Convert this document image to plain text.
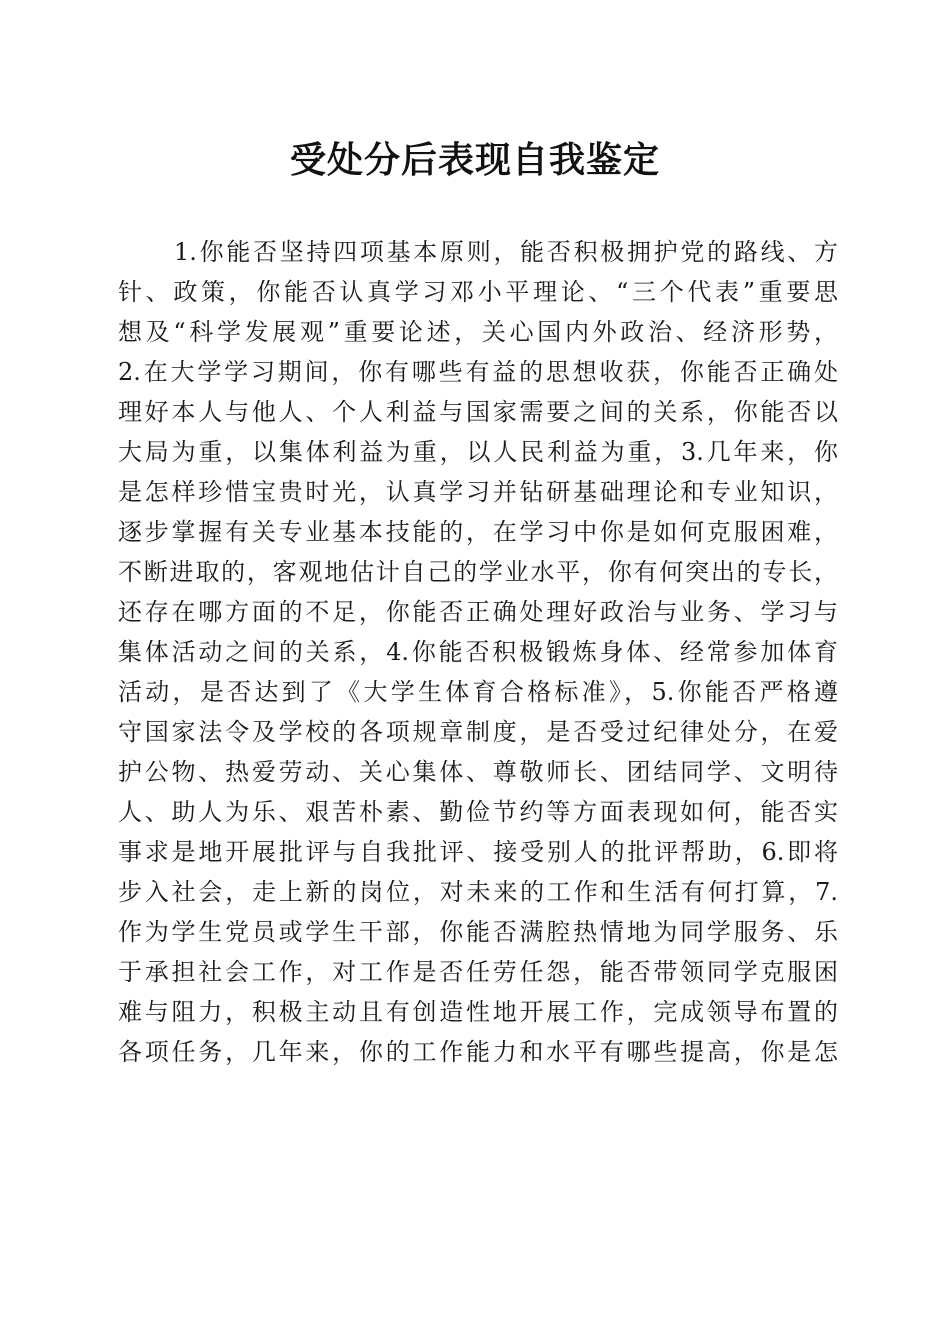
受处分后表现自我鉴定
1.你能否坚持四项基本原则，能否积极拥护党的路线、方
针、政策，你能否认真学习邓小平理论、“三个代表”重要思
想及“科学发展观”重要论述，关心国内外政治、经济形势，
2.在大学学习期间，你有哪些有益的思想收获，你能否正确处
理好本人与他人、个人利益与国家需要之间的关系，你能否以
大局为重，以集体利益为重，以人民利益为重，3.几年来，你
是怎样珍惜宝贵时光，认真学习并钻研基础理论和专业知识，
逐步掌握有关专业基本技能的，在学习中你是如何克服困难，
不断进取的，客观地估计自己的学业水平，你有何突出的专长，
还存在哪方面的不足，你能否正确处理好政治与业务、学习与
集体活动之间的关系，4.你能否积极锻炼身体、经常参加体育
活动，是否达到了《大学生体育合格标准》，5.你能否严格遵
守国家法令及学校的各项规章制度，是否受过纪律处分，在爱
护公物、热爱劳动、关心集体、尊敬师长、团结同学、文明待
人、助人为乐、艰苦朴素、勤俭节约等方面表现如何，能否实
事求是地开展批评与自我批评、接受别人的批评帮助，6.即将
步入社会，走上新的岗位，对未来的工作和生活有何打算，7.
作为学生党员或学生干部，你能否满腔热情地为同学服务、乐
于承担社会工作，对工作是否任劳任怨，能否带领同学克服困
难与阻力，积极主动且有创造性地开展工作，完成领导布置的
各项任务，几年来，你的工作能力和水平有哪些提高，你是怎
